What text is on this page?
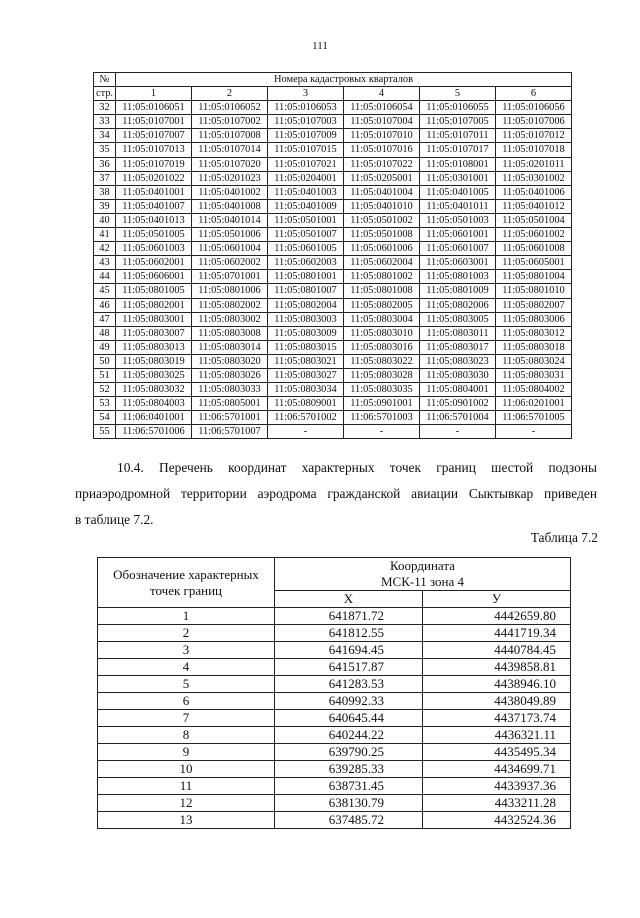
111
№	Номера кадастровых кварталов					
стр.	1	2	3	4	5	6
32	11:05:0106051	11:05:0106052	11:05:0106053	11:05:0106054	11:05:0106055	11:05:0106056
33	11:05:0107001	11:05:0107002	11:05:0107003	11:05:0107004	11:05:0107005	11:05:0107006
34	11:05:0107007	11:05:0107008	11:05:0107009	11:05:0107010	11:05:0107011	11:05:0107012
35	11:05:0107013	11:05:0107014	11:05:0107015	11:05:0107016	11:05:0107017	11:05:0107018
36	11:05:0107019	11:05:0107020	11:05:0107021	11:05:0107022	11:05:0108001	11:05:0201011
37	11:05:0201022	11:05:0201023	11:05:0204001	11:05:0205001	11:05:0301001	11:05:0301002
38	11:05:0401001	11:05:0401002	11:05:0401003	11:05:0401004	11:05:0401005	11:05:0401006
39	11:05:0401007	11:05:0401008	11:05:0401009	11:05:0401010	11:05:0401011	11:05:0401012
40	11:05:0401013	11:05:0401014	11:05:0501001	11:05:0501002	11:05:0501003	11:05:0501004
41	11:05:0501005	11:05:0501006	11:05:0501007	11:05:0501008	11:05:0601001	11:05:0601002
42	11:05:0601003	11:05:0601004	11:05:0601005	11:05:0601006	11:05:0601007	11:05:0601008
43	11:05:0602001	11:05:0602002	11:05:0602003	11:05:0602004	11:05:0603001	11:05:0605001
44	11:05:0606001	11:05:0701001	11:05:0801001	11:05:0801002	11:05:0801003	11:05:0801004
45	11:05:0801005	11:05:0801006	11:05:0801007	11:05:0801008	11:05:0801009	11:05:0801010
46	11:05:0802001	11:05:0802002	11:05:0802004	11:05:0802005	11:05:0802006	11:05:0802007
47	11:05:0803001	11:05:0803002	11:05:0803003	11:05:0803004	11:05:0803005	11:05:0803006
48	11:05:0803007	11:05:0803008	11:05:0803009	11:05:0803010	11:05:0803011	11:05:0803012
49	11:05:0803013	11:05:0803014	11:05:0803015	11:05:0803016	11:05:0803017	11:05:0803018
50	11:05:0803019	11:05:0803020	11:05:0803021	11:05:0803022	11:05:0803023	11:05:0803024
51	11:05:0803025	11:05:0803026	11:05:0803027	11:05:0803028	11:05:0803030	11:05:0803031
52	11:05:0803032	11:05:0803033	11:05:0803034	11:05:0803035	11:05:0804001	11:05:0804002
53	11:05:0804003	11:05:0805001	11:05:0809001	11:05:0901001	11:05:0901002	11:06:0201001
54	11:06:0401001	11:06:5701001	11:06:5701002	11:06:5701003	11:06:5701004	11:06:5701005
55	11:06:5701006	11:06:5701007	-	-	-	-
10.4. Перечень координат характерных точек границ шестой подзоны
приаэродромной территории аэродрома гражданской авиации Сыктывкар приведен
в таблице 7.2.
Таблица 7.2
Обозначение характерных точек границ	Координата
МСК-11 зона 4	

	Х	У
1	641871.72	4442659.80
2	641812.55	4441719.34
3	641694.45	4440784.45
4	641517.87	4439858.81
5	641283.53	4438946.10
6	640992.33	4438049.89
7	640645.44	4437173.74
8	640244.22	4436321.11
9	639790.25	4435495.34
10	639285.33	4434699.71
11	638731.45	4433937.36
12	638130.79	4433211.28
13	637485.72	4432524.36
